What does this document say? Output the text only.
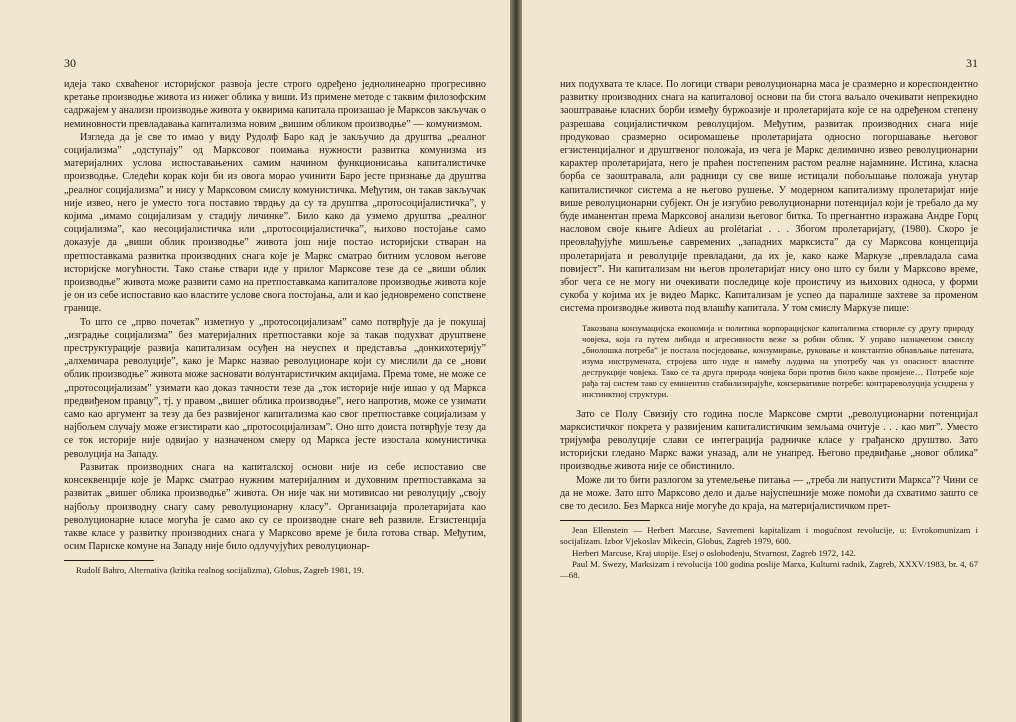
30

идеја тако схваћеног историјског развоја јесте строго одређено једнолинеарно прогресивно кретање производње живота из нижег облика у виши. Из примене методе с таквим филозофским садржајем у анализи производње живота у оквирима капитала произашао је Марксов закључак о неминовности превладавања капитализма новим „вишим обликом производње” — комунизмом.

Изгледа да је све то имао у виду Рудолф Баро кад је закључио да друштва „реалног социјализма” „одступају” од Марксовог поимања нужности развитка комунизма из материјалних услова испоставањених самим начином функционисања капиталистичке производње. Следећи корак који би из овога морао учинити Баро јесте признање да друштва „реалног социјализма” и нису у Марксовом смислу комунистичка. Међутим, он такав закључак није извео, него је уместо тога поставио тврдњу да су та друштва „протосоцијалистичка”, у којима „имамо социјализам у стадију личинке”. Било како да узмемо друштва „реалног социјализма”, као несоцијалистичка или „протосоцијалистичка”, њихово постојање само доказује да „виши облик производње” живота још није постао историјски стваран на претпоставкама развитка производних снага које је Маркс сматрао битним условом његове историјске могућности. Тако стање ствари иде у прилог Марксове тезе да се „виши облик производње” живота може развити само на претпоставкама капиталове производње живота које је он из себе испоставио као властите услове свога постојања, али и као једновремено сопствене границе.

То што се „прво почетак” изметнуо у „протосоцијализам” само потврђује да је покушај „изградње социјализма” без материјалних претпоставки које за такав подухват друштвене преструктурације развија капитализам осуђен на неуспех и представља „донкихотерију” „алхемичара револуције”, како је Маркс назвао револуционаре који су мислили да се „нови облик производње” живота може засновати волунтаристичким акцијама. Према томе, не може се „протосоцијализам” узимати као доказ тачности тезе да „ток историје није ишао у од Маркса предвиђеном правцу”, тј. у правом „вишег облика производње”, него напротив, може се узимати само као аргумент за тезу да без развијеног капитализма као свог претпоставке социјализам у најбољем случају може егзистирати као „протосоцијализам”. Оно што доиста потврђује тезу да се ток историје није одвијао у назначеном смеру од Маркса јесте изостала комунистичка револуција на Западу.

Развитак производних снага на капиталској основи није из себе испоставио све консеквенције које је Маркс сматрао нужним материјалним и духовним претпоставкама за развитак „вишег облика производње” живота. Он није чак ни мотивисао ни револуцију „своју најбољу производну снагу саму револуционарну класу”. Организација пролетаријата као револуционарне класе могућа је само ако су се производне снаге већ развиле. Егзистенција такве класе у развитку производних снага у Марксово време је била готова ствар. Међутим, осим Париске комуне на Западу није било одлучујућих револуционар-

Rudolf Bahro, Alternativa (kritika realnog socijalizma), Globus, Zagreb 1981, 19.

31

них подухвата те класе. По логици ствари револуционарна маса је сразмерно и кореспондентно развитку производних снага на капиталовој основи па би стога ваљало очекивати непрекидно заоштравање класних борби између буржоазије и пролетаријата које се на одређеном степену разрешава социјалистичком револуцијом. Међутим, развитак производних снага није продуковао сразмерно осиромашење пролетаријата односно погоршавање његовог егзистенцијалног и друштвеног положаја, из чега је Маркс делимично извео револуционарни карактер пролетаријата, него је праћен постепеним растом реалне најамнине. Истина, класна борба се заоштравала, али радници су све више истицали побољшање положаја унутар капиталистичког система а не његово рушење. У модерном капитализму пролетаријат није више револуционарни субјект. Он је изгубио револуционарни потенцијал који је требало да му буде иманентан према Марксовој анализи његовог битка. То прегнантно изражава Андре Горц насловом своје књиге Adieux au prolétariat . . . Збогом пролетаријату, (1980). Скоро је преовлађујуће мишљење савремених „западних марксиста” да су Марксова концепција пролетаријата и револуције превладани, да их је, како каже Маркузе „превладала сама повијест”. Ни капитализам ни његов пролетаријат нису оно што су били у Марксово време, због чега се не могу ни очекивати последице које проистичу из њихових односа, у форми сукоба у којима их је видео Маркс. Капитализам је успео да паралише захтеве за променом система производње живота под влашћу капитала. У том смислу Маркузе пише:

Такозвана конзумацијска економија и политика корпорацијског капитализма створиле су другу природу човјека, која га путем либида и агресивности веже за робни облик. У управо назначеном смислу „биолошка потреба” је постала посједовање, конзумирање, руковање и константно обнављање патената, изума инструмената, стројева што нуде и намећу људима на употребу чак уз опасност властите деструкције човјека. Тако се та друга природа човјека бори против било какве промјене… Потребе које рађа тај систем тако су еминентно стабилизирајуће, конзервативне потребе: контрареволуција усидрена у инстинктној структури.

Зато се Полу Свизију сто година после Марксове смрти „револуционарни потенцијал марксистичког покрета у развијеним капиталистичким земљама очитује . . . као мит”. Уместо тријумфа револуције слави се интеграција радничке класе у грађанско друштво. Зато историјски гледано Маркс важи уназад, али не унапред. Његово предвиђање „новог облика” производње живота није се обистинило.

Може ли то бити разлогом за утемељење питања — „треба ли напустити Маркса”? Чини се да не може. Зато што Марксово дело и даље најуспешније може помоћи да схватимо зашто се све то десило. Без Маркса није могуће до краја, на материјалистичком прет-

Jean Ellenstein — Herbert Marcuse, Savremeni kapitalizam i mogućnost revolucije, u: Evrokomunizam i socijalizam. Izbor Vjekoslav Mikecin, Globus, Zagreb 1979, 600.

Herbert Marcuse, Kraj utopije. Esej o oslobođenju, Stvarnost, Zagreb 1972, 142.

Paul M. Swezy, Marksizam i revolucija 100 godina poslije Marxa, Kulturni radnik, Zagreb, XXXV/1983, br. 4, 67—68.
